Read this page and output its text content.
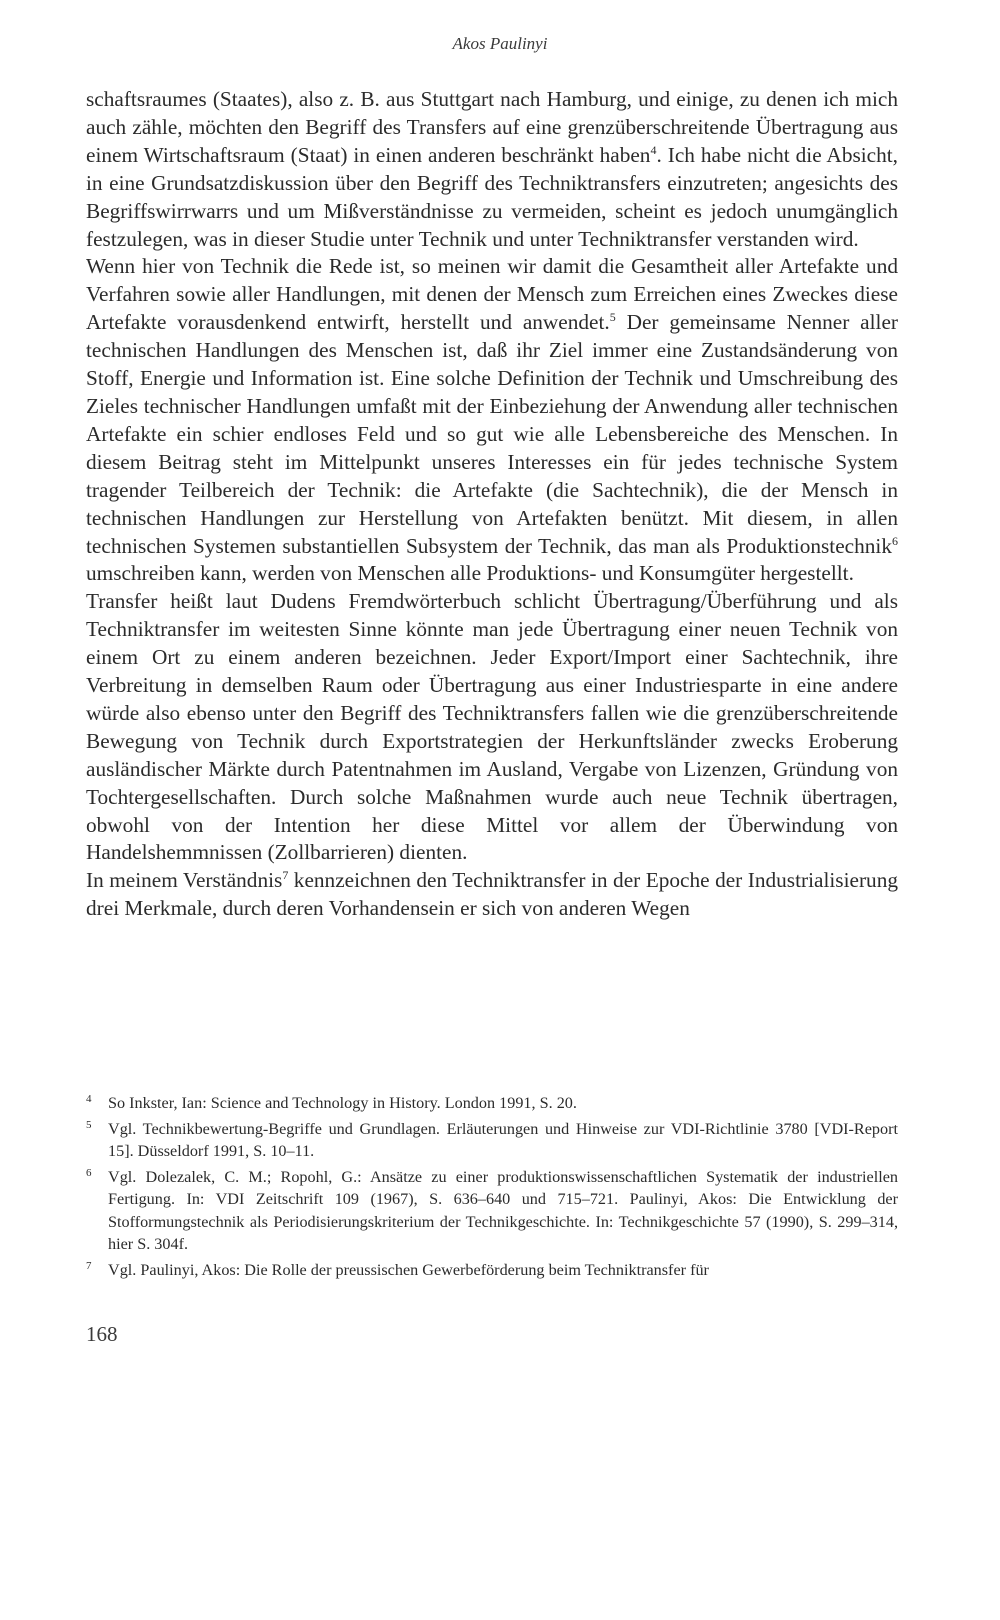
Akos Paulinyi

schaftsraumes (Staates), also z. B. aus Stuttgart nach Hamburg, und einige, zu denen ich mich auch zähle, möchten den Begriff des Transfers auf eine grenzüberschreitende Übertragung aus einem Wirtschaftsraum (Staat) in einen anderen beschränkt haben$^4$. Ich habe nicht die Absicht, in eine Grundsatzdiskussion über den Begriff des Techniktransfers einzutreten; angesichts des Begriffswirrwarrs und um Mißverständnisse zu vermeiden, scheint es jedoch unumgänglich festzulegen, was in dieser Studie unter Technik und unter Techniktransfer verstanden wird.

Wenn hier von Technik die Rede ist, so meinen wir damit die Gesamtheit aller Artefakte und Verfahren sowie aller Handlungen, mit denen der Mensch zum Erreichen eines Zweckes diese Artefakte vorausdenkend entwirft, herstellt und anwendet.$^5$ Der gemeinsame Nenner aller technischen Handlungen des Menschen ist, daß ihr Ziel immer eine Zustandsänderung von Stoff, Energie und Information ist. Eine solche Definition der Technik und Umschreibung des Zieles technischer Handlungen umfaßt mit der Einbeziehung der Anwendung aller technischen Artefakte ein schier endloses Feld und so gut wie alle Lebensbereiche des Menschen. In diesem Beitrag steht im Mittelpunkt unseres Interesses ein für jedes technische System tragender Teilbereich der Technik: die Artefakte (die Sachtechnik), die der Mensch in technischen Handlungen zur Herstellung von Artefakten benützt. Mit diesem, in allen technischen Systemen substantiellen Subsystem der Technik, das man als Produktionstechnik$^6$ umschreiben kann, werden von Menschen alle Produktions- und Konsumgüter hergestellt.

Transfer heißt laut Dudens Fremdwörterbuch schlicht Übertragung/Überführung und als Techniktransfer im weitesten Sinne könnte man jede Übertragung einer neuen Technik von einem Ort zu einem anderen bezeichnen. Jeder Export/Import einer Sachtechnik, ihre Verbreitung in demselben Raum oder Übertragung aus einer Industriesparte in eine andere würde also ebenso unter den Begriff des Techniktransfers fallen wie die grenzüberschreitende Bewegung von Technik durch Exportstrategien der Herkunftsländer zwecks Eroberung ausländischer Märkte durch Patentnahmen im Ausland, Vergabe von Lizenzen, Gründung von Tochtergesellschaften. Durch solche Maßnahmen wurde auch neue Technik übertragen, obwohl von der Intention her diese Mittel vor allem der Überwindung von Handelshemmnissen (Zollbarrieren) dienten.

In meinem Verständnis$^7$ kennzeichnen den Techniktransfer in der Epoche der Industrialisierung drei Merkmale, durch deren Vorhandensein er sich von anderen Wegen

4 So Inkster, Ian: Science and Technology in History. London 1991, S. 20.
5 Vgl. Technikbewertung-Begriffe und Grundlagen. Erläuterungen und Hinweise zur VDI-Richtlinie 3780 [VDI-Report 15]. Düsseldorf 1991, S. 10–11.
6 Vgl. Dolezalek, C. M.; Ropohl, G.: Ansätze zu einer produktionswissenschaftlichen Systematik der industriellen Fertigung. In: VDI Zeitschrift 109 (1967), S. 636–640 und 715–721. Paulinyi, Akos: Die Entwicklung der Stofformungstechnik als Periodisierungskriterium der Technikgeschichte. In: Technikgeschichte 57 (1990), S. 299–314, hier S. 304f.
7 Vgl. Paulinyi, Akos: Die Rolle der preussischen Gewerbeförderung beim Techniktransfer für
168
